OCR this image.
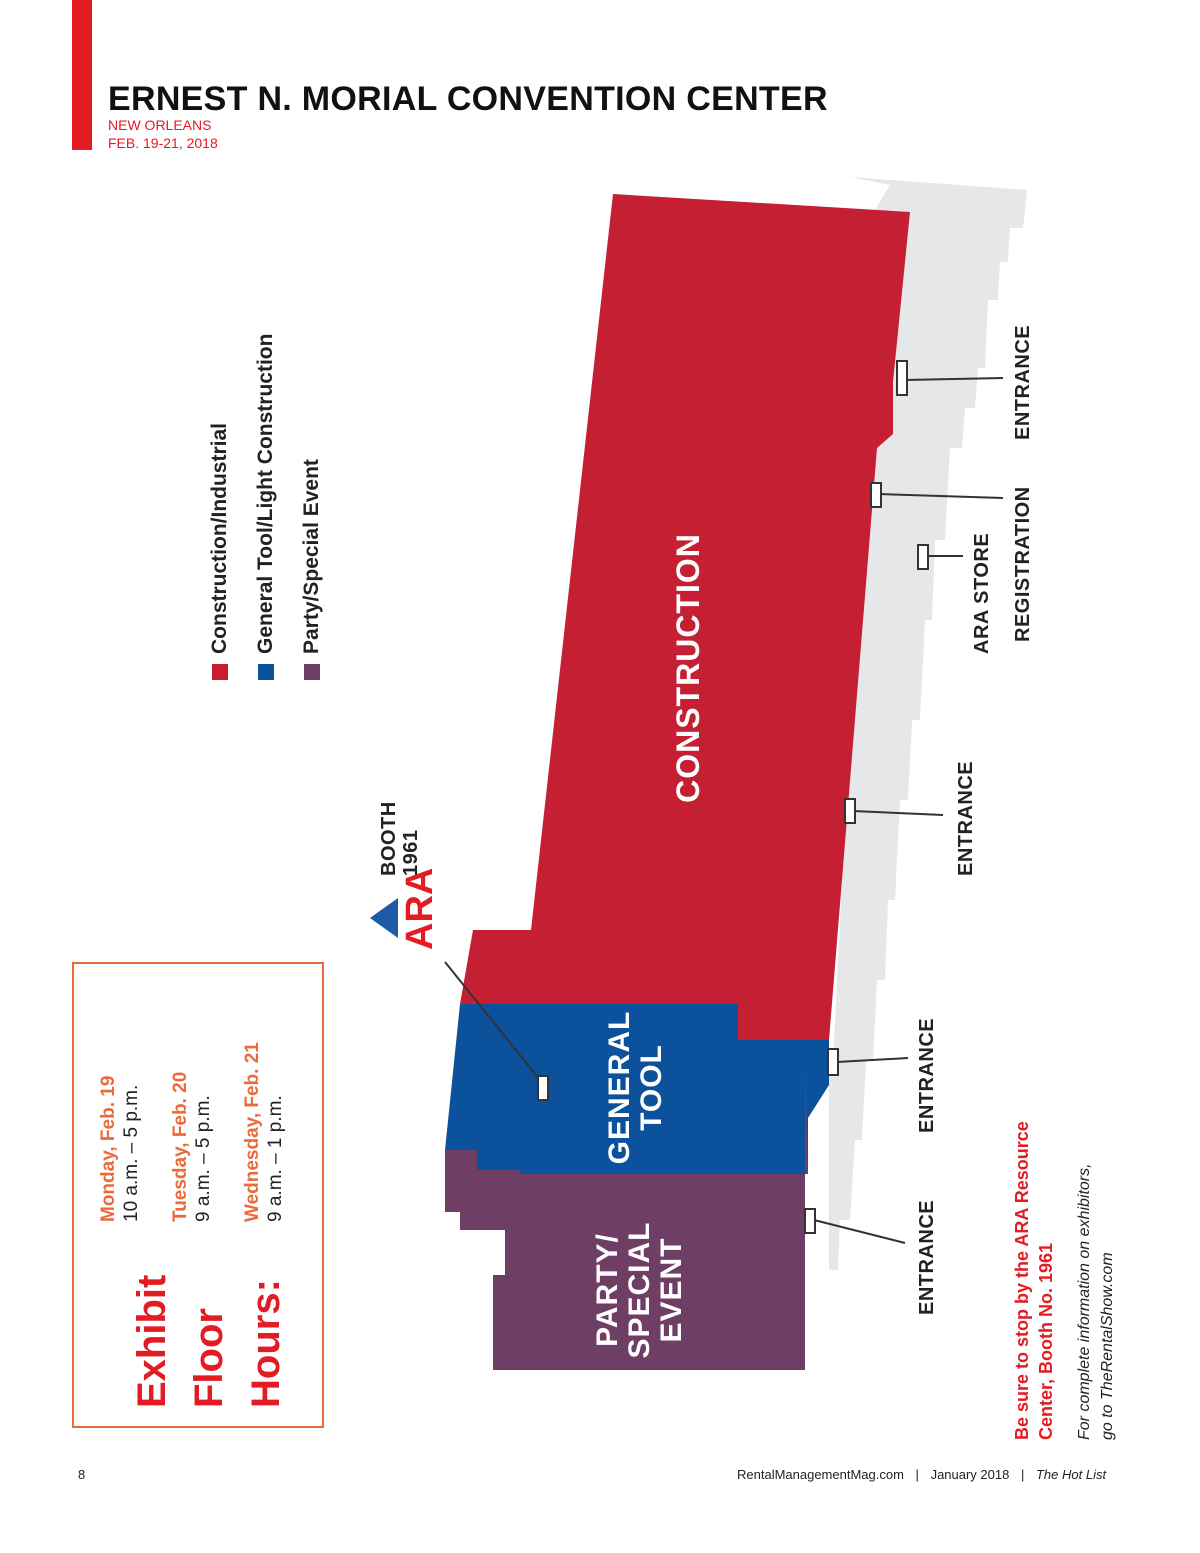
ERNEST N. MORIAL CONVENTION CENTER
NEW ORLEANS
FEB. 19-21, 2018
ARA
Construction/Industrial General Tool/Light Construction Party/Special Event	CONSTRUCTION
GENERAL TOOL
PARTY/ SPECIAL EVENT
BOOTH 1961
ENTRANCE
REGISTRATION
ARA STORE
ENTRANCE
ENTRANCE
ENTRANCE
Exhibit Floor Hours:
Monday, Feb. 19 10 a.m. – 5 p.m. Tuesday, Feb. 20 9 a.m. – 5 p.m. Wednesday, Feb. 21 9 a.m. – 1 p.m.	Be sure to stop by the ARA Resource Center, Booth No. 1961 For complete information on exhibitors, go to TheRentalShow.com
8	RentalManagementMag.com | January 2018 | The Hot List
